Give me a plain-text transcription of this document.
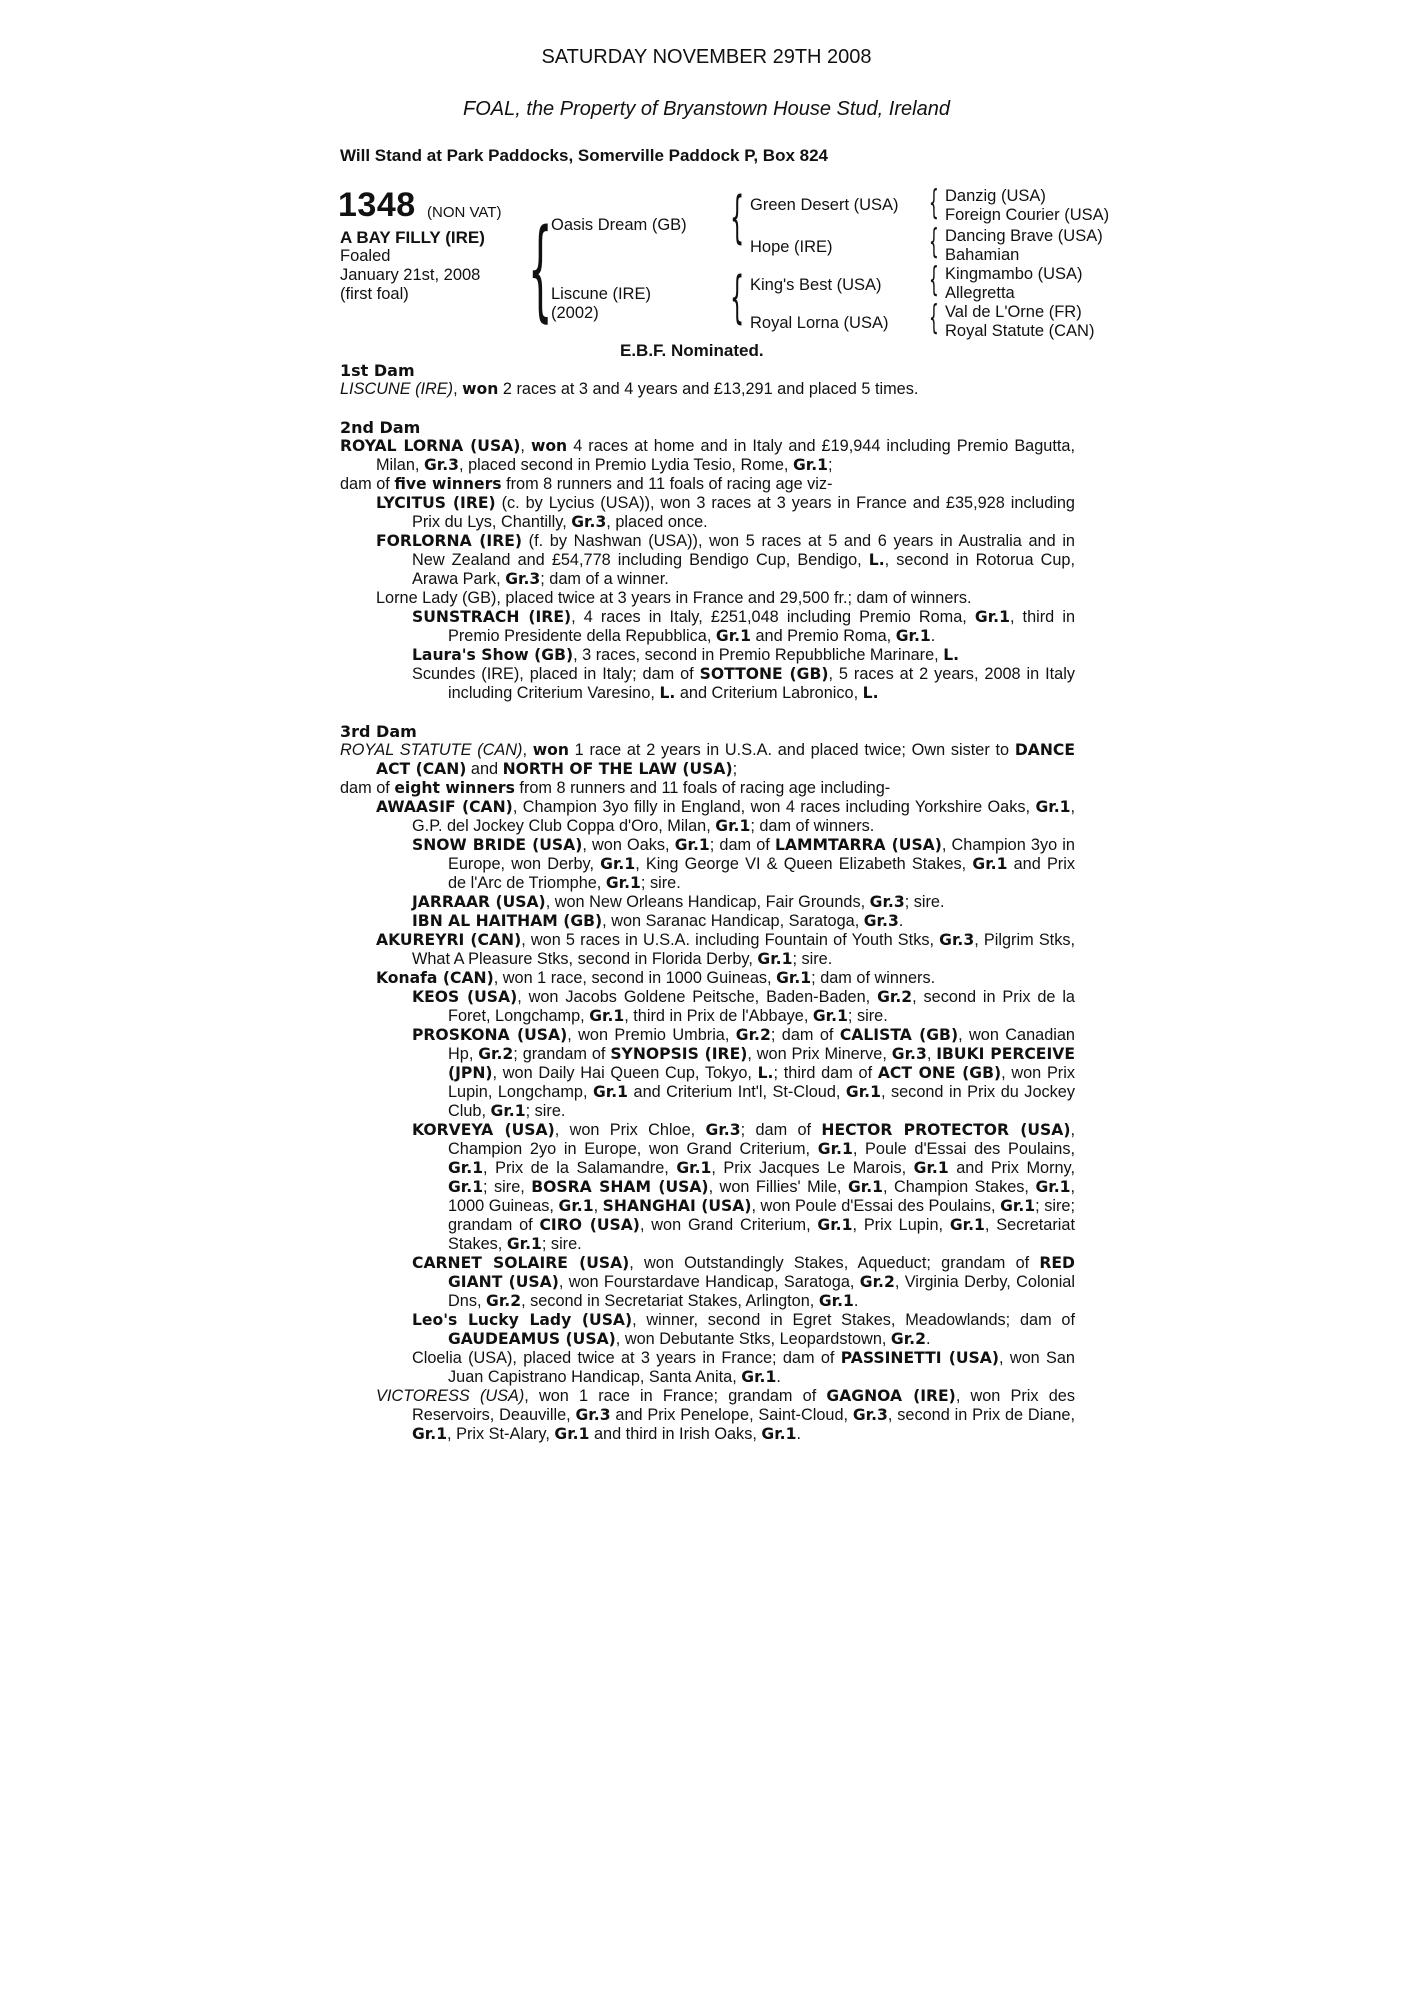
SATURDAY NOVEMBER 29TH 2008
FOAL, the Property of Bryanstown House Stud, Ireland
Will Stand at Park Paddocks, Somerville Paddock P, Box 824
1348 (NON VAT)
A BAY FILLY (IRE)
Foaled
January 21st, 2008
(first foal) {
Oasis Dream (GB)
Liscune (IRE)
(2002)
{
{
Green Desert (USA)
Hope (IRE)
King's Best (USA)
Royal Lorna (USA)
{
{
{
{
Danzig (USA)
Foreign Courier (USA)
Dancing Brave (USA)
Bahamian
Kingmambo (USA)
Allegretta
Val de L'Orne (FR)
Royal Statute (CAN)
E.B.F. Nominated.

1st Dam

LISCUNE (IRE), won 2 races at 3 and 4 years and £13,291 and placed 5 times.

2nd Dam

ROYAL LORNA (USA), won 4 races at home and in Italy and £19,944 including Premio Bagutta, Milan, Gr.3, placed second in Premio Lydia Tesio, Rome, Gr.1;

dam of five winners from 8 runners and 11 foals of racing age viz-

LYCITUS (IRE) (c. by Lycius (USA)), won 3 races at 3 years in France and £35,928 including Prix du Lys, Chantilly, Gr.3, placed once.

FORLORNA (IRE) (f. by Nashwan (USA)), won 5 races at 5 and 6 years in Australia and in New Zealand and £54,778 including Bendigo Cup, Bendigo, L., second in Rotorua Cup, Arawa Park, Gr.3; dam of a winner.

Lorne Lady (GB), placed twice at 3 years in France and 29,500 fr.; dam of winners.

SUNSTRACH (IRE), 4 races in Italy, £251,048 including Premio Roma, Gr.1, third in Premio Presidente della Repubblica, Gr.1 and Premio Roma, Gr.1.

Laura's Show (GB), 3 races, second in Premio Repubbliche Marinare, L.

Scundes (IRE), placed in Italy; dam of SOTTONE (GB), 5 races at 2 years, 2008 in Italy including Criterium Varesino, L. and Criterium Labronico, L.

3rd Dam

ROYAL STATUTE (CAN), won 1 race at 2 years in U.S.A. and placed twice; Own sister to DANCE ACT (CAN) and NORTH OF THE LAW (USA);

dam of eight winners from 8 runners and 11 foals of racing age including-

AWAASIF (CAN), Champion 3yo filly in England, won 4 races including Yorkshire Oaks, Gr.1, G.P. del Jockey Club Coppa d'Oro, Milan, Gr.1; dam of winners.

SNOW BRIDE (USA), won Oaks, Gr.1; dam of LAMMTARRA (USA), Champion 3yo in Europe, won Derby, Gr.1, King George VI & Queen Elizabeth Stakes, Gr.1 and Prix de l'Arc de Triomphe, Gr.1; sire.

JARRAAR (USA), won New Orleans Handicap, Fair Grounds, Gr.3; sire.

IBN AL HAITHAM (GB), won Saranac Handicap, Saratoga, Gr.3.

AKUREYRI (CAN), won 5 races in U.S.A. including Fountain of Youth Stks, Gr.3, Pilgrim Stks, What A Pleasure Stks, second in Florida Derby, Gr.1; sire.

Konafa (CAN), won 1 race, second in 1000 Guineas, Gr.1; dam of winners.

KEOS (USA), won Jacobs Goldene Peitsche, Baden-Baden, Gr.2, second in Prix de la Foret, Longchamp, Gr.1, third in Prix de l'Abbaye, Gr.1; sire.

PROSKONA (USA), won Premio Umbria, Gr.2; dam of CALISTA (GB), won Canadian Hp, Gr.2; grandam of SYNOPSIS (IRE), won Prix Minerve, Gr.3, IBUKI PERCEIVE (JPN), won Daily Hai Queen Cup, Tokyo, L.; third dam of ACT ONE (GB), won Prix Lupin, Longchamp, Gr.1 and Criterium Int'l, St-Cloud, Gr.1, second in Prix du Jockey Club, Gr.1; sire.

KORVEYA (USA), won Prix Chloe, Gr.3; dam of HECTOR PROTECTOR (USA), Champion 2yo in Europe, won Grand Criterium, Gr.1, Poule d'Essai des Poulains, Gr.1, Prix de la Salamandre, Gr.1, Prix Jacques Le Marois, Gr.1 and Prix Morny, Gr.1; sire, BOSRA SHAM (USA), won Fillies' Mile, Gr.1, Champion Stakes, Gr.1, 1000 Guineas, Gr.1, SHANGHAI (USA), won Poule d'Essai des Poulains, Gr.1; sire; grandam of CIRO (USA), won Grand Criterium, Gr.1, Prix Lupin, Gr.1, Secretariat Stakes, Gr.1; sire.

CARNET SOLAIRE (USA), won Outstandingly Stakes, Aqueduct; grandam of RED GIANT (USA), won Fourstardave Handicap, Saratoga, Gr.2, Virginia Derby, Colonial Dns, Gr.2, second in Secretariat Stakes, Arlington, Gr.1.

Leo's Lucky Lady (USA), winner, second in Egret Stakes, Meadowlands; dam of GAUDEAMUS (USA), won Debutante Stks, Leopardstown, Gr.2.

Cloelia (USA), placed twice at 3 years in France; dam of PASSINETTI (USA), won San Juan Capistrano Handicap, Santa Anita, Gr.1.

VICTORESS (USA), won 1 race in France; grandam of GAGNOA (IRE), won Prix des Reservoirs, Deauville, Gr.3 and Prix Penelope, Saint-Cloud, Gr.3, second in Prix de Diane, Gr.1, Prix St-Alary, Gr.1 and third in Irish Oaks, Gr.1.
